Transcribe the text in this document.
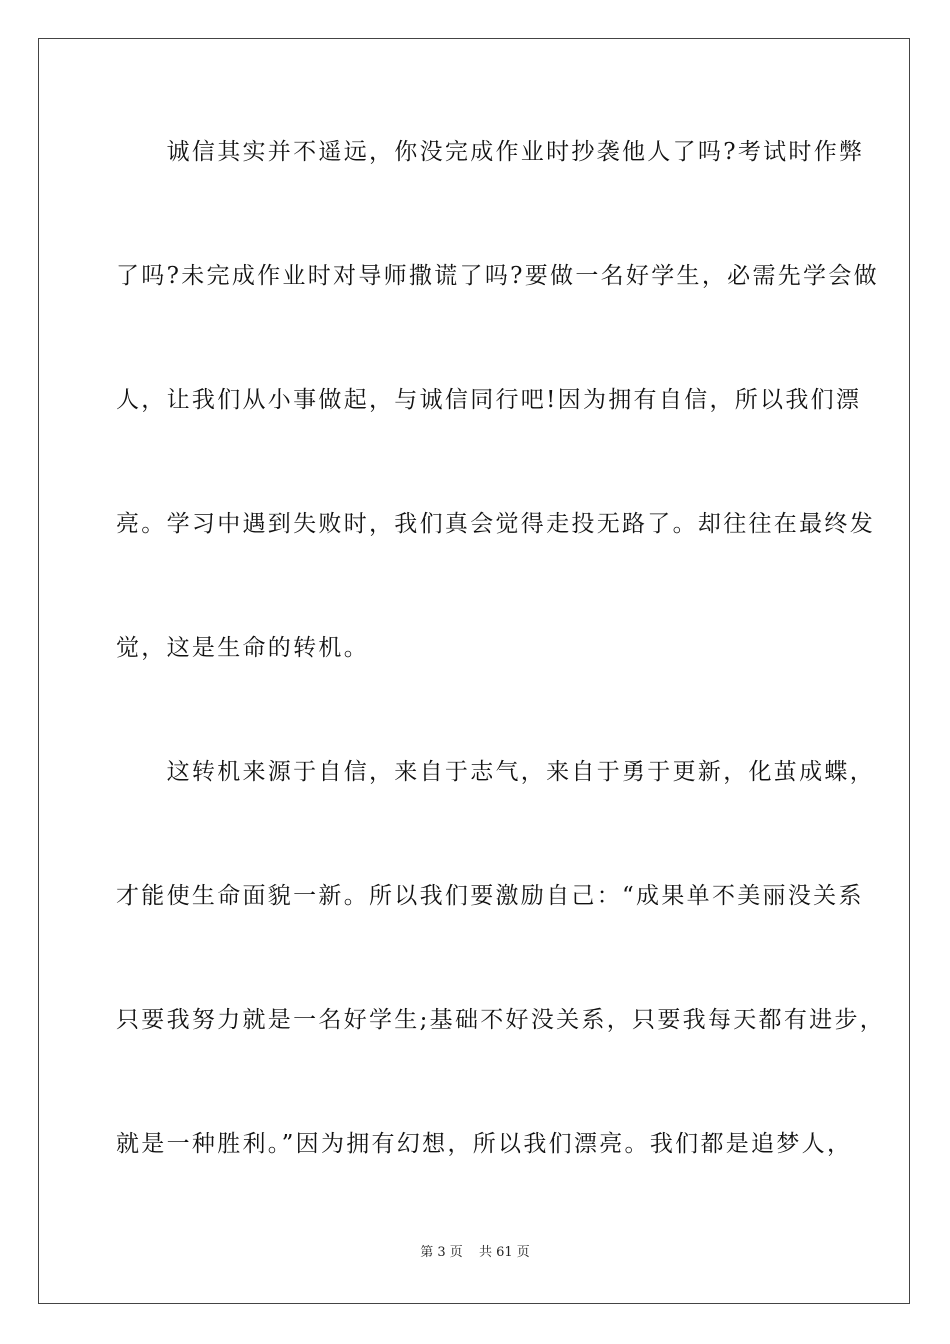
　　诚信其实并不遥远，你没完成作业时抄袭他人了吗?考试时作弊
了吗?未完成作业时对导师撒谎了吗?要做一名好学生，必需先学会做
人，让我们从小事做起，与诚信同行吧!因为拥有自信，所以我们漂
亮。学习中遇到失败时，我们真会觉得走投无路了。却往往在最终发
觉，这是生命的转机。
　　这转机来源于自信，来自于志气，来自于勇于更新，化茧成蝶，
才能使生命面貌一新。所以我们要激励自己：“成果单不美丽没关系
只要我努力就是一名好学生;基础不好没关系，只要我每天都有进步，
就是一种胜利。”因为拥有幻想，所以我们漂亮。我们都是追梦人，
第 3 页 共 61 页
